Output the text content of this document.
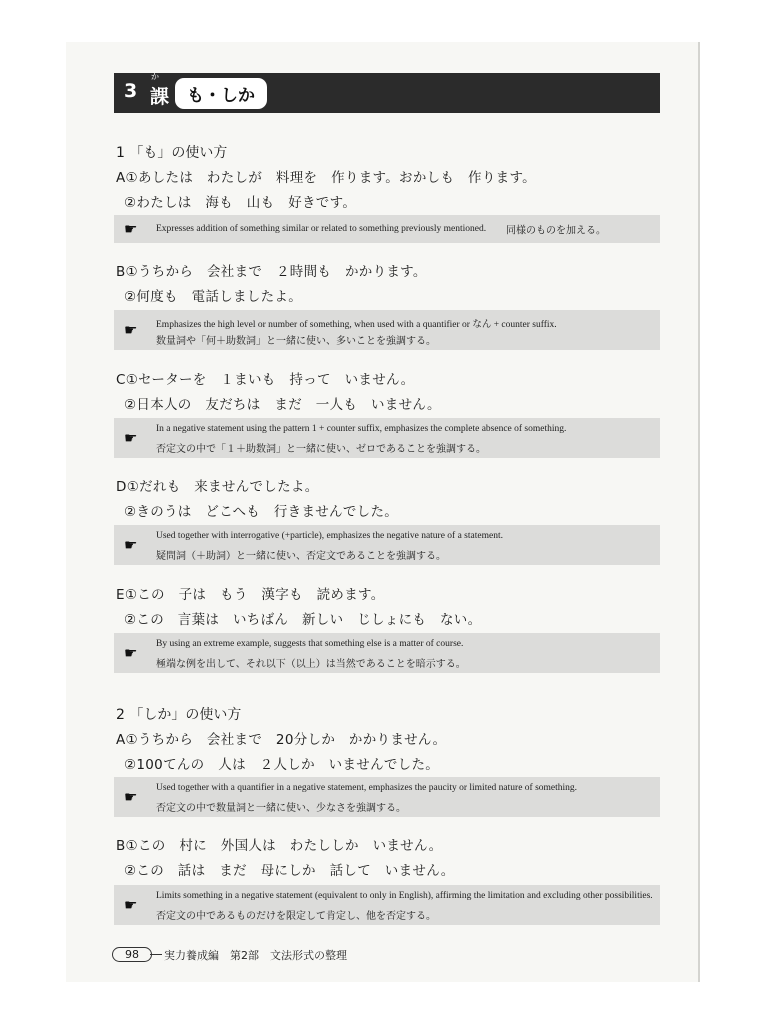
3
か
課	も・しか
1 「も」の使い方
A①あしたは　わたしが　料理を　作ります。おかしも　作ります。
②わたしは　海も　山も　好きです。
☛ Expresses addition of something similar or related to something previously mentioned. 同様のものを加える。
B①うちから　会社まで　２時間も　かかります。
②何度も　電話しましたよ。
☛ Emphasizes the high level or number of something, when used with a quantifier or なん + counter suffix.
数量詞や「何＋助数詞」と一緒に使い、多いことを強調する。
C①セーターを　１まいも　持って　いません。
②日本人の　友だちは　まだ　一人も　いません。
☛ In a negative statement using the pattern 1 + counter suffix, emphasizes the complete absence of something.
否定文の中で「１＋助数詞」と一緒に使い、ゼロであることを強調する。
D①だれも　来ませんでしたよ。
②きのうは　どこへも　行きませんでした。
☛ Used together with interrogative (+particle), emphasizes the negative nature of a statement.
疑問詞（＋助詞）と一緒に使い、否定文であることを強調する。
E①この　子は　もう　漢字も　読めます。
②この　言葉は　いちばん　新しい　じしょにも　ない。
☛ By using an extreme example, suggests that something else is a matter of course.
極端な例を出して、それ以下（以上）は当然であることを暗示する。
2 「しか」の使い方
A①うちから　会社まで　20分しか　かかりません。
②100てんの　人は　２人しか　いませんでした。
☛ Used together with a quantifier in a negative statement, emphasizes the paucity or limited nature of something.
否定文の中で数量詞と一緒に使い、少なさを強調する。
B①この　村に　外国人は　わたししか　いません。
②この　話は　まだ　母にしか　話して　いません。
☛ Limits something in a negative statement (equivalent to only in English), affirming the limitation and excluding other possibilities.
否定文の中であるものだけを限定して肯定し、他を否定する。
98	実力養成編　第2部　文法形式の整理
